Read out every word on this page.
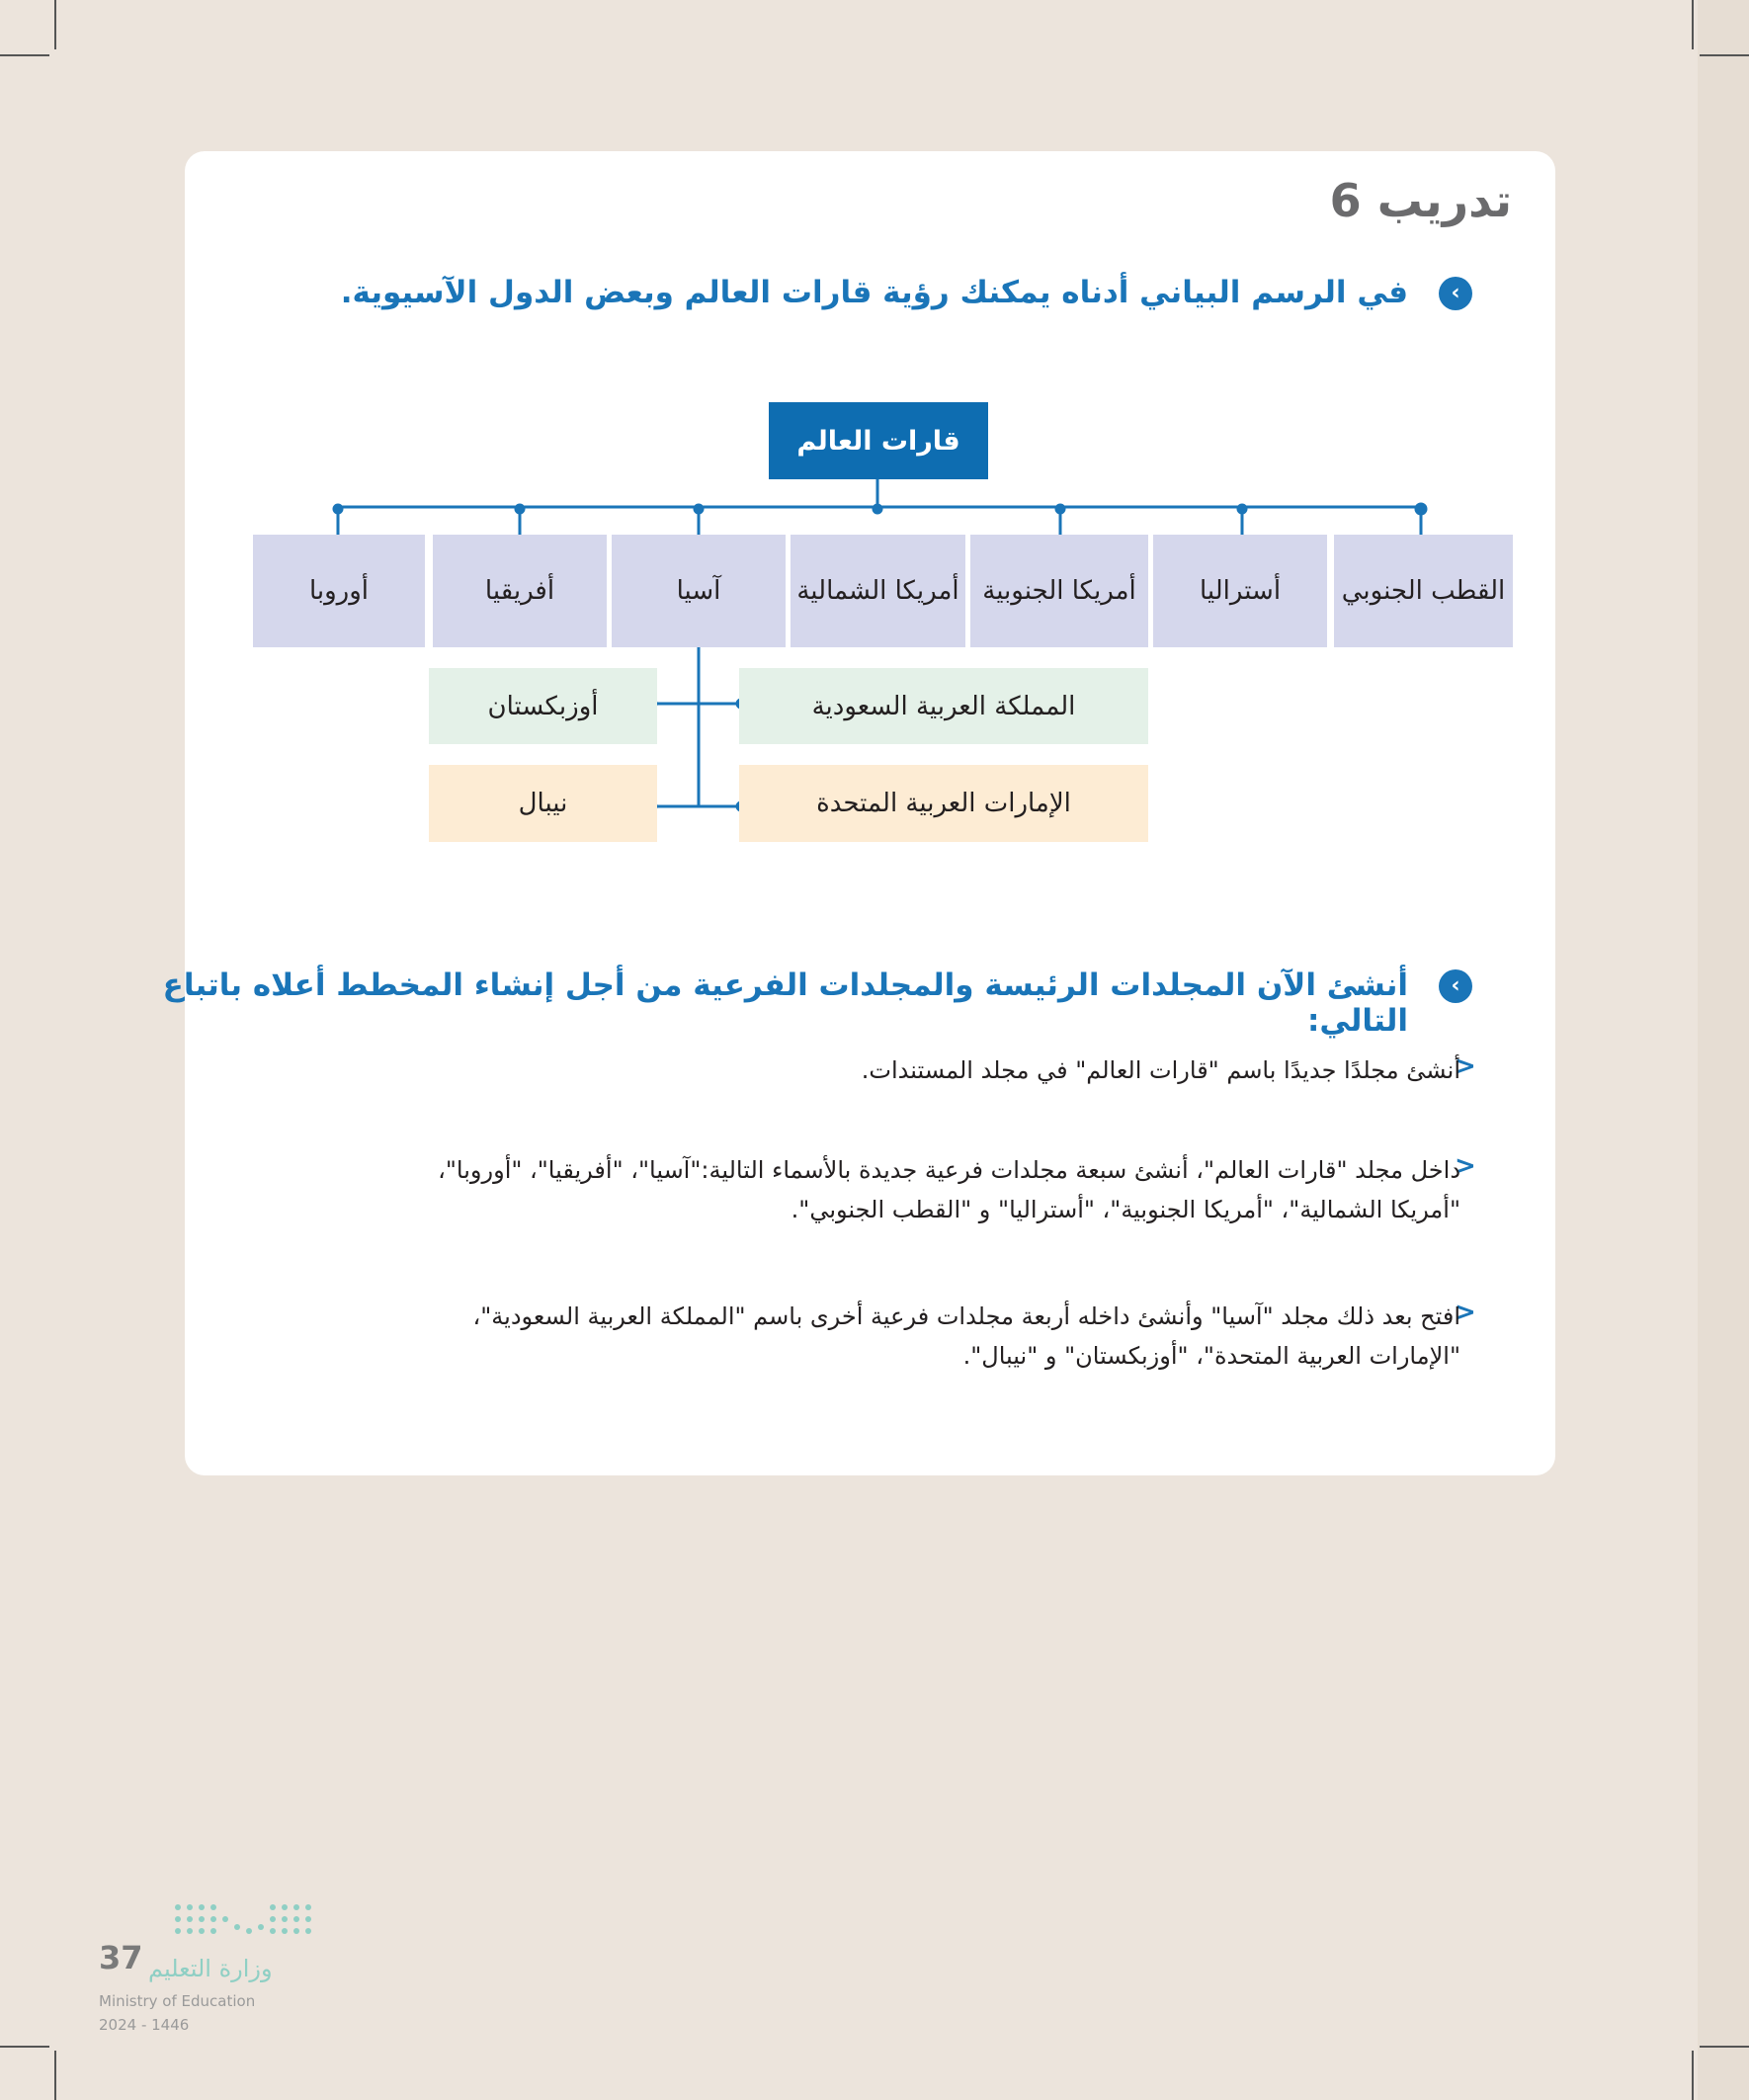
تدريب 6
‹
في الرسم البياني أدناه يمكنك رؤية قارات العالم وبعض الدول الآسيوية.
قارات العالم
القطب الجنوبي
أستراليا
أمريكا الجنوبية
أمريكا الشمالية
آسيا
أفريقيا
أوروبا
المملكة العربية السعودية
أوزبكستان
الإمارات العربية المتحدة
نيبال
‹
أنشئ الآن المجلدات الرئيسة والمجلدات الفرعية من أجل إنشاء المخطط أعلاه باتباع التالي:
>
أنشئ مجلدًا جديدًا باسم "قارات العالم" في مجلد المستندات.
>
داخل مجلد "قارات العالم"، أنشئ سبعة مجلدات فرعية جديدة بالأسماء التالية:"آسيا"، "أفريقيا"، "أوروبا"، "أمريكا الشمالية"، "أمريكا الجنوبية"، "أستراليا" و "القطب الجنوبي".
>
افتح بعد ذلك مجلد "آسيا" وأنشئ داخله أربعة مجلدات فرعية أخرى باسم "المملكة العربية السعودية"، "الإمارات العربية المتحدة"، "أوزبكستان" و "نيبال".
37 وزارة التعليم
Ministry of Education
2024 - 1446
